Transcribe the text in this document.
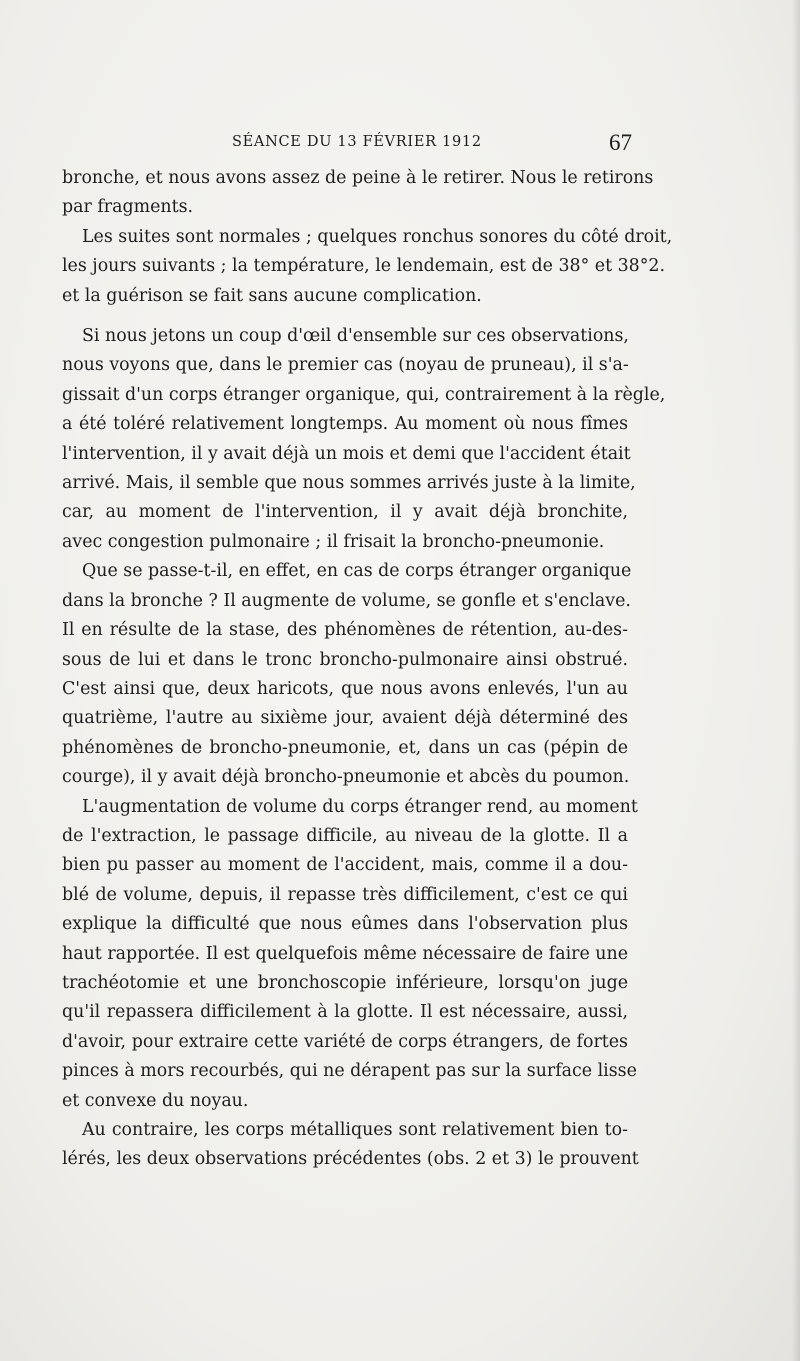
SÉANCE DU 13 FÉVRIER 1912	67
bronche, et nous avons assez de peine à le retirer. Nous le retirons
par fragments.
Les suites sont normales ; quelques ronchus sonores du côté droit,
les jours suivants ; la température, le lendemain, est de 38° et 38°2.
et la guérison se fait sans aucune complication.
Si nous jetons un coup d'œil d'ensemble sur ces observations,
nous voyons que, dans le premier cas (noyau de pruneau), il s'a-
gissait d'un corps étranger organique, qui, contrairement à la règle,
a été toléré relativement longtemps. Au moment où nous fîmes
l'intervention, il y avait déjà un mois et demi que l'accident était
arrivé. Mais, il semble que nous sommes arrivés juste à la limite,
car, au moment de l'intervention, il y avait déjà bronchite,
avec congestion pulmonaire ; il frisait la broncho-pneumonie.
Que se passe-t-il, en effet, en cas de corps étranger organique
dans la bronche ? Il augmente de volume, se gonfle et s'enclave.
Il en résulte de la stase, des phénomènes de rétention, au-des-
sous de lui et dans le tronc broncho-pulmonaire ainsi obstrué.
C'est ainsi que, deux haricots, que nous avons enlevés, l'un au
quatrième, l'autre au sixième jour, avaient déjà déterminé des
phénomènes de broncho-pneumonie, et, dans un cas (pépin de
courge), il y avait déjà broncho-pneumonie et abcès du poumon.
L'augmentation de volume du corps étranger rend, au moment
de l'extraction, le passage difficile, au niveau de la glotte. Il a
bien pu passer au moment de l'accident, mais, comme il a dou-
blé de volume, depuis, il repasse très difficilement, c'est ce qui
explique la difficulté que nous eûmes dans l'observation plus
haut rapportée. Il est quelquefois même nécessaire de faire une
trachéotomie et une bronchoscopie inférieure, lorsqu'on juge
qu'il repassera difficilement à la glotte. Il est nécessaire, aussi,
d'avoir, pour extraire cette variété de corps étrangers, de fortes
pinces à mors recourbés, qui ne dérapent pas sur la surface lisse
et convexe du noyau.
Au contraire, les corps métalliques sont relativement bien to-
lérés, les deux observations précédentes (obs. 2 et 3) le prouvent
